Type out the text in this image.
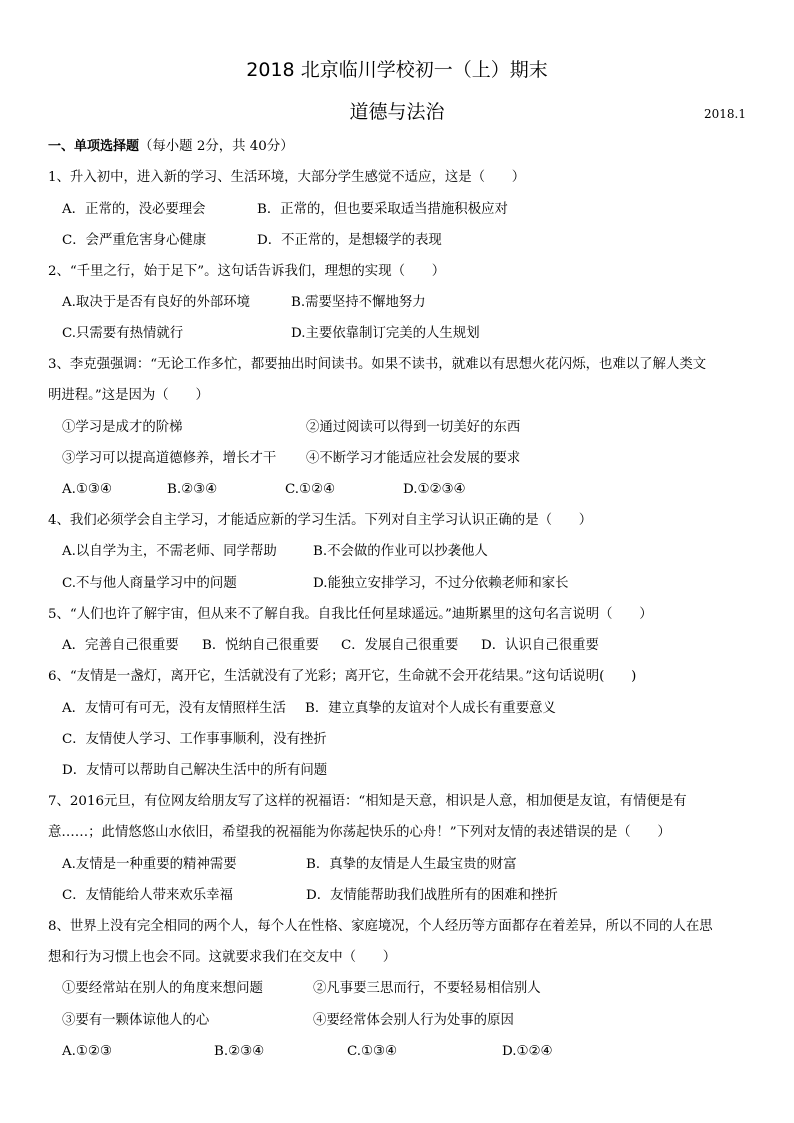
2018 北京临川学校初一（上）期末
道德与法治	2018.1
一、单项选择题（每小题 2分，共 40分）
1、升入初中，进入新的学习、生活环境，大部分学生感觉不适应，这是（　　）
A．正常的，没必要理会	B．正常的，但也要采取适当措施积极应对
C．会严重危害身心健康	D．不正常的，是想辍学的表现
2、“千里之行，始于足下”。这句话告诉我们，理想的实现（　　）
A.取决于是否有良好的外部环境	B.需要坚持不懈地努力
C.只需要有热情就行	D.主要依靠制订完美的人生规划
3、李克强强调：“无论工作多忙，都要抽出时间读书。如果不读书，就难以有思想火花闪烁，也难以了解人类文
明进程。”这是因为（　　）
①学习是成才的阶梯	②通过阅读可以得到一切美好的东西
③学习可以提高道德修养，增长才干 ④不断学习才能适应社会发展的要求
A.①③④	B.②③④	C.①②④	D.①②③④
4、我们必须学会自主学习，才能适应新的学习生活。下列对自主学习认识正确的是（　　）
A.以自学为主，不需老师、同学帮助	B.不会做的作业可以抄袭他人
C.不与他人商量学习中的问题	D.能独立安排学习，不过分依赖老师和家长
5、“人们也许了解宇宙，但从来不了解自我。自我比任何星球遥远。”迪斯累里的这句名言说明（　　）
A．完善自己很重要 B．悦纳自己很重要 C．发展自己很重要 D．认识自己很重要
6、“友情是一盏灯，离开它，生活就没有了光彩；离开它，生命就不会开花结果。”这句话说明(　　)
A．友情可有可无，没有友情照样生活 B．建立真挚的友谊对个人成长有重要意义
C．友情使人学习、工作事事顺利，没有挫折
D．友情可以帮助自己解决生活中的所有问题
7、2016元旦，有位网友给朋友写了这样的祝福语：“相知是天意，相识是人意，相加便是友谊，有情便是有
意……；此情悠悠山水依旧，希望我的祝福能为你荡起快乐的心舟！”下列对友情的表述错误的是（　　）
A.友情是一种重要的精神需要	B．真挚的友情是人生最宝贵的财富
C．友情能给人带来欢乐幸福	D．友情能帮助我们战胜所有的困难和挫折
8、世界上没有完全相同的两个人，每个人在性格、家庭境况，个人经历等方面都存在着差异，所以不同的人在思
想和行为习惯上也会不同。这就要求我们在交友中（　　）
①要经常站在别人的角度来想问题	②凡事要三思而行，不要轻易相信别人
③要有一颗体谅他人的心	④要经常体会别人行为处事的原因
A.①②③	B.②③④	C.①③④	D.①②④
